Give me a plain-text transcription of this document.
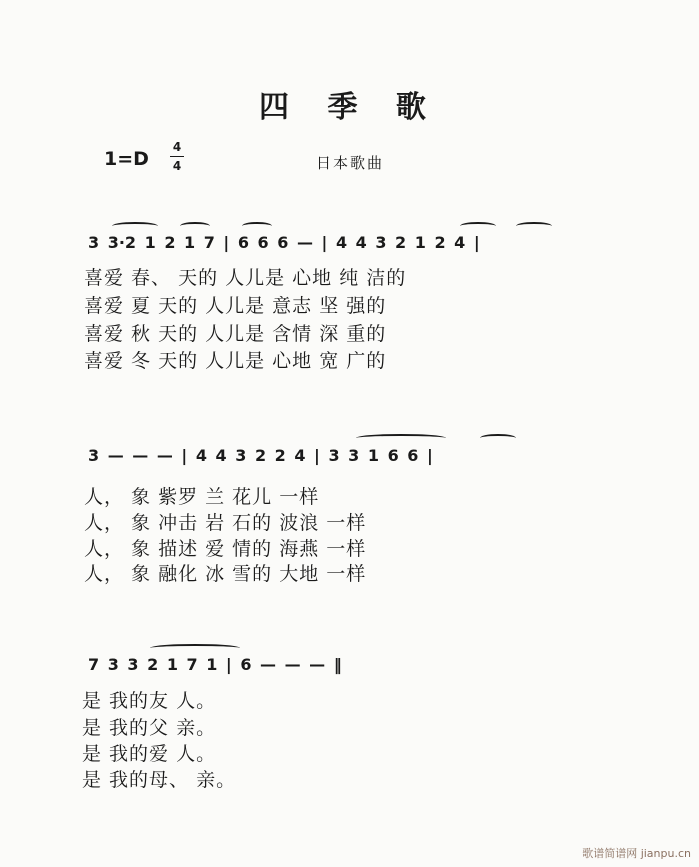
四 季 歌
1=D
4
4	日本歌曲
3 3·2 1 2 1 7 | 6 6 6 — | 4 4 3 2 1 2 4 |
喜爱 春、 天的 人儿是 心地 纯 洁的
喜爱 夏 天的 人儿是 意志 坚 强的
喜爱 秋 天的 人儿是 含情 深 重的
喜爱 冬 天的 人儿是 心地 宽 广的
3 — — — | 4 4 3 2 2 4 | 3 3 1 6 6 |
人， 象 紫罗 兰 花儿 一样
人， 象 冲击 岩 石的 波浪 一样
人， 象 描述 爱 情的 海燕 一样
人， 象 融化 冰 雪的 大地 一样
7 3 3 2 1 7 1 | 6 — — — ‖
是 我的友 人。
是 我的父 亲。
是 我的爱 人。
是 我的母、 亲。
歌谱简谱网 jianpu.cn
